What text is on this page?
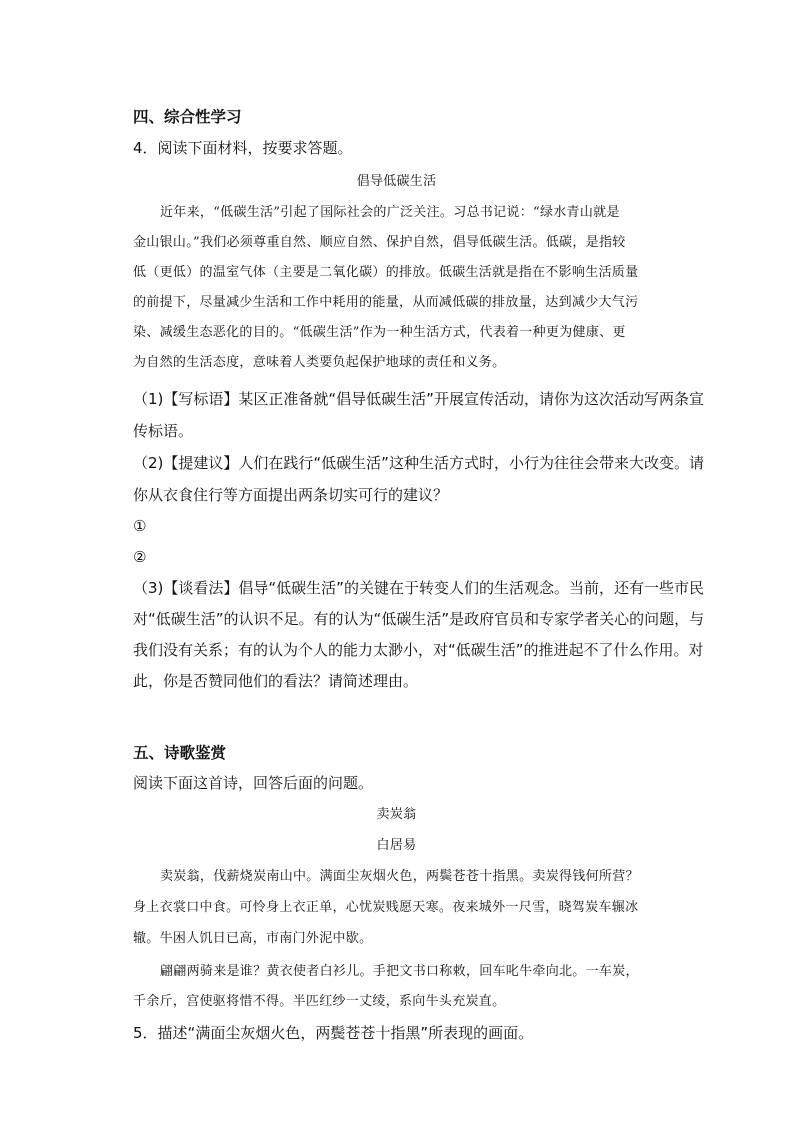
四、综合性学习
4．阅读下面材料，按要求答题。
倡导低碳生活
近年来，“低碳生活”引起了国际社会的广泛关注。习总书记说：“绿水青山就是
金山银山。”我们必须尊重自然、顺应自然、保护自然，倡导低碳生活。低碳，是指较
低（更低）的温室气体（主要是二氧化碳）的排放。低碳生活就是指在不影响生活质量
的前提下，尽量减少生活和工作中耗用的能量，从而减低碳的排放量，达到减少大气污
染、减缓生态恶化的目的。“低碳生活”作为一种生活方式，代表着一种更为健康、更
为自然的生活态度，意味着人类要负起保护地球的责任和义务。
（1)【写标语】某区正准备就“倡导低碳生活”开展宣传活动，请你为这次活动写两条宣
传标语。
（2)【提建议】人们在践行“低碳生活”这种生活方式时，小行为往往会带来大改变。请
你从衣食住行等方面提出两条切实可行的建议？
①
②
（3)【谈看法】倡导“低碳生活”的关键在于转变人们的生活观念。当前，还有一些市民
对“低碳生活”的认识不足。有的认为“低碳生活”是政府官员和专家学者关心的问题，与
我们没有关系；有的认为个人的能力太渺小，对“低碳生活”的推进起不了什么作用。对
此，你是否赞同他们的看法？请简述理由。
五、诗歌鉴赏
阅读下面这首诗，回答后面的问题。
卖炭翁
白居易
卖炭翁，伐薪烧炭南山中。满面尘灰烟火色，两鬓苍苍十指黑。卖炭得钱何所营？
身上衣裳口中食。可怜身上衣正单，心忧炭贱愿天寒。夜来城外一尺雪，晓驾炭车辗冰
辙。牛困人饥日已高，市南门外泥中歇。
翩翩两骑来是谁？黄衣使者白衫儿。手把文书口称敕，回车叱牛牵向北。一车炭，
千余斤，宫使驱将惜不得。半匹红纱一丈绫，系向牛头充炭直。
5．描述“满面尘灰烟火色，两鬓苍苍十指黑”所表现的画面。
